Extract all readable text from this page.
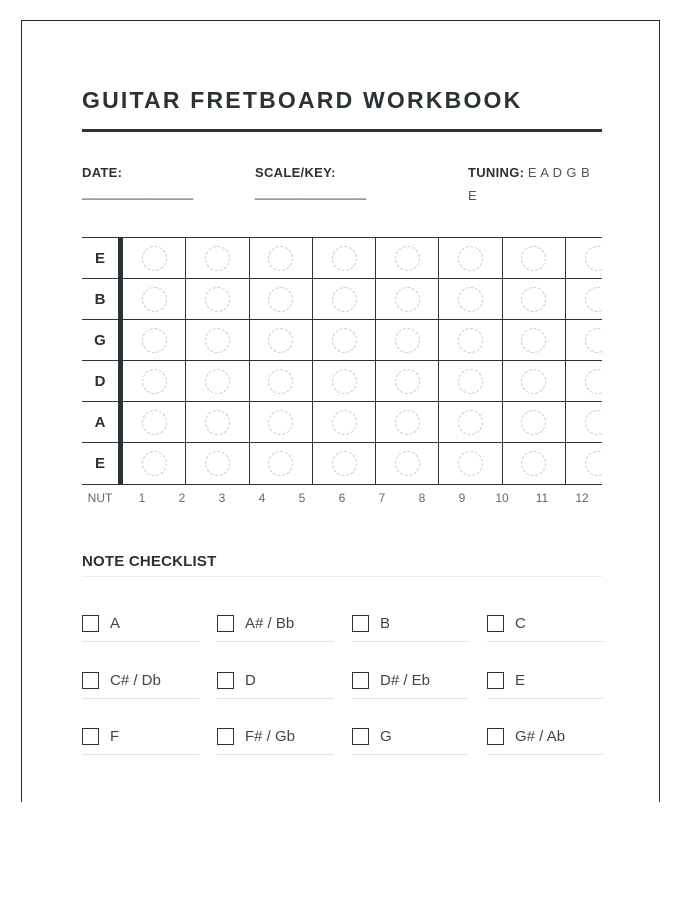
GUITAR FRETBOARD WORKBOOK
DATE:
________________
SCALE/KEY:
________________
TUNING: E A D G B E
E
B
G
D
A
E
NUT 1	2	3	4	5	6	7	8	9 10 11 12
NOTE CHECKLIST
A	A# / Bb	B	C
C# / Db	D	D# / Eb	E
F	F# / Gb	G	G# / Ab
